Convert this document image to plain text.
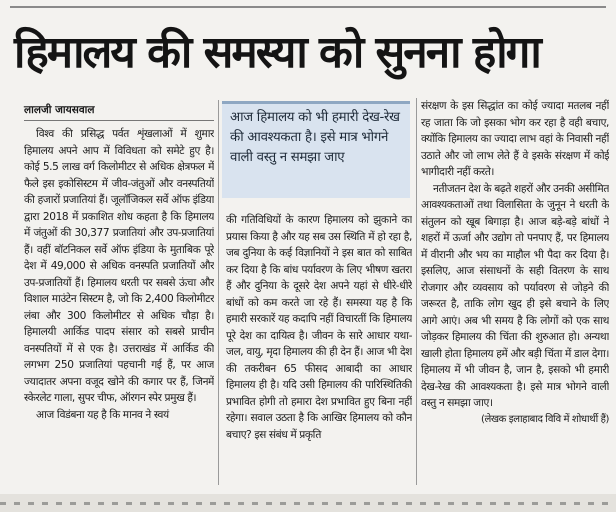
हिमालय की समस्या को सुनना होगा
लालजी जायसवाल

विश्व की प्रसिद्ध पर्वत शृंखलाओं में शुमार हिमालय अपने आप में विविधता को समेटे हुए है। कोई 5.5 लाख वर्ग किलोमीटर से अधिक क्षेत्रफल में फैले इस इकोसिस्टम में जीव-जंतुओं और वनस्पतियों की हजारों प्रजातियां हैं। जूलॉजिकल सर्वे ऑफ इंडिया द्वारा 2018 में प्रकाशित शोध कहता है कि हिमालय में जंतुओं की 30,377 प्रजातियां और उप-प्रजातियां हैं। वहीं बॉटनिकल सर्वे ऑफ इंडिया के मुताबिक पूरे देश में 49,000 से अधिक वनस्पति प्रजातियों और उप-प्रजातियों हैं। हिमालय धरती पर सबसे ऊंचा और विशाल माउंटेन सिस्टम है, जो कि 2,400 किलोमीटर लंबा और 300 किलोमीटर से अधिक चौड़ा है। हिमालयी आर्किड पादप संसार को सबसे प्राचीन वनस्पतियों में से एक है। उत्तराखंड में आर्किड की लगभग 250 प्रजातियां पहचानी गई हैं, पर आज ज्यादातर अपना वजूद खोने की कगार पर हैं, जिनमें स्केरलेट गाला, सुपर चीफ, ऑरगन स्पेर प्रमुख हैं।

आज विडंबना यह है कि मानव ने स्वयं

आज हिमालय को भी हमारी देख-रेख की आवश्यकता है। इसे मात्र भोगने वाली वस्तु न समझा जाए

की गतिविधियों के कारण हिमालय को झुकाने का प्रयास किया है और यह सब उस स्थिति में हो रहा है, जब दुनिया के कई विज्ञानियों ने इस बात को साबित कर दिया है कि बांध पर्यावरण के लिए भीषण खतरा हैं और दुनिया के दूसरे देश अपने यहां से धीरे-धीरे बांधों को कम करते जा रहे हैं। समस्या यह है कि हमारी सरकारें यह कदापि नहीं विचारतीं कि हिमालय पूरे देश का दायित्व है। जीवन के सारे आधार यथा-जल, वायु, मृदा हिमालय की ही देन हैं। आज भी देश की तकरीबन 65 फीसद आबादी का आधार हिमालय ही है। यदि उसी हिमालय की पारिस्थितिकी प्रभावित होगी तो हमारा देश प्रभावित हुए बिना नहीं रहेगा। सवाल उठता है कि आखिर हिमालय को कौन बचाए? इस संबंध में प्रकृति

संरक्षण के इस सिद्धांत का कोई ज्यादा मतलब नहीं रह जाता कि जो इसका भोग कर रहा है वही बचाए, क्योंकि हिमालय का ज्यादा लाभ वहां के निवासी नहीं उठाते और जो लाभ लेते हैं वे इसके संरक्षण में कोई भागीदारी नहीं करते।

नतीजतन देश के बढ़ते शहरों और उनकी असीमित आवश्यकताओं तथा विलासिता के जुनून ने धरती के संतुलन को खूब बिगाड़ा है। आज बड़े-बड़े बांधों ने शहरों में ऊर्जा और उद्योग तो पनपाए हैं, पर हिमालय में वीरानी और भय का माहौल भी पैदा कर दिया है। इसलिए, आज संसाधनों के सही वितरण के साथ रोजगार और व्यवसाय को पर्यावरण से जोड़ने की जरूरत है, ताकि लोग खुद ही इसे बचाने के लिए आगे आएं। अब भी समय है कि लोगों को एक साथ जोड़कर हिमालय की चिंता की शुरुआत हो। अन्यथा खाली होता हिमालय हमें और बड़ी चिंता में डाल देगा। हिमालय में भी जीवन है, जान है, इसको भी हमारी देख-रेख की आवश्यकता है। इसे मात्र भोगने वाली वस्तु न समझा जाए।

(लेखक इलाहाबाद विवि में शोधार्थी हैं)
